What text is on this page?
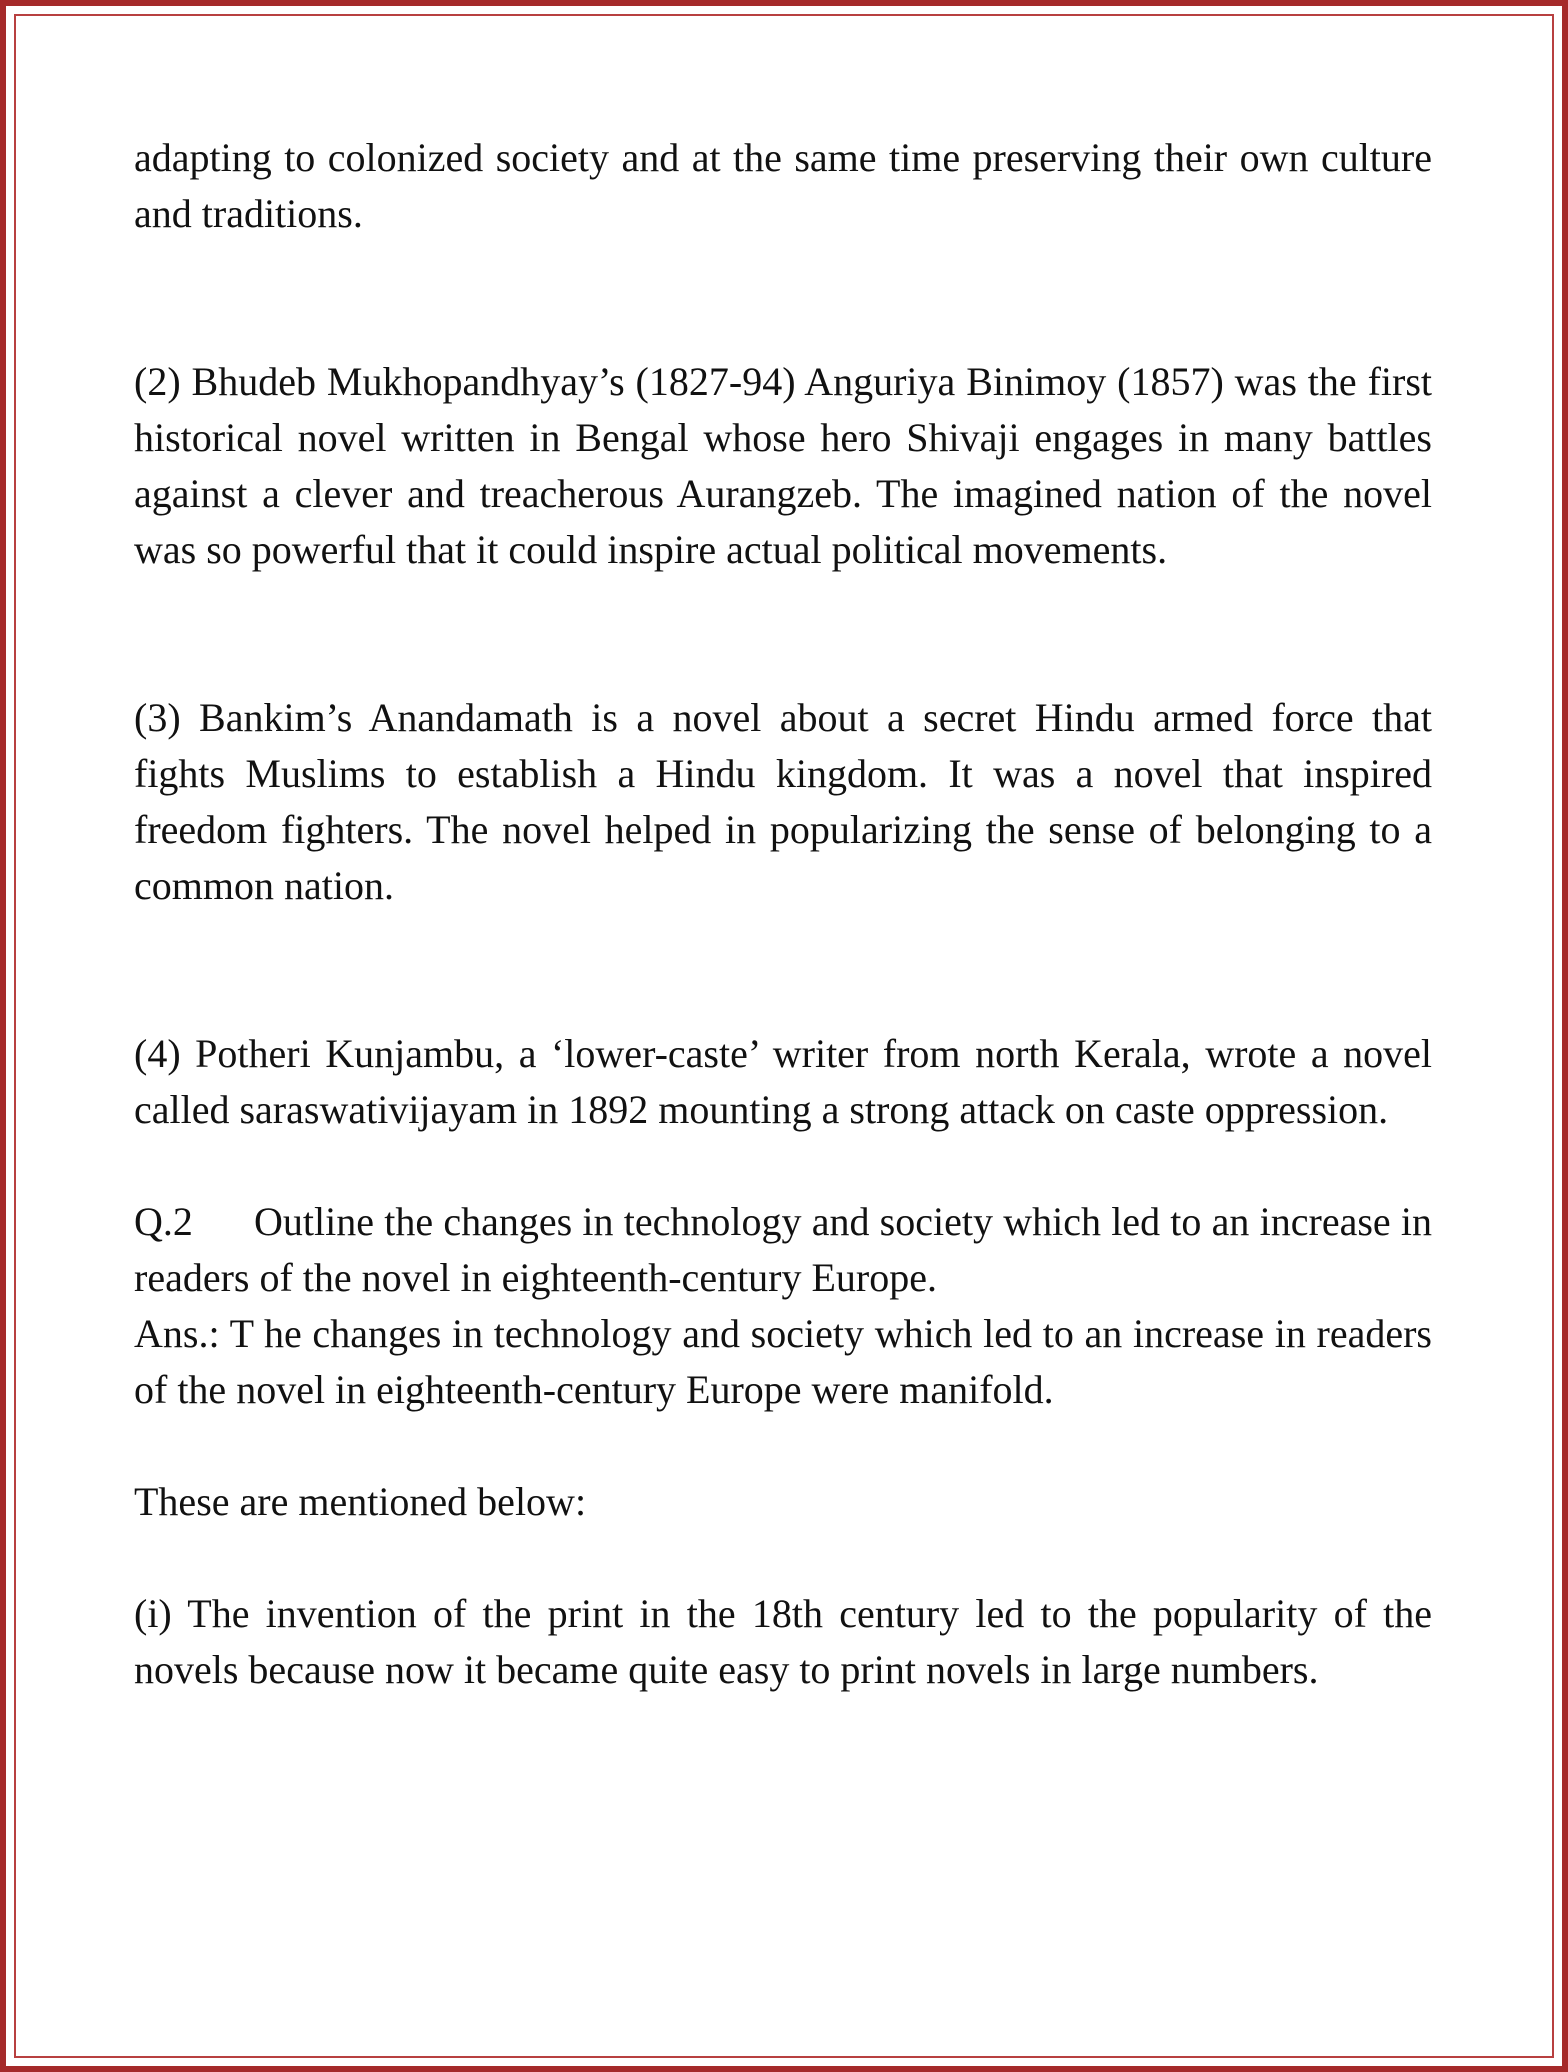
adapting to colonized society and at the same time preserving their own culture and traditions.

(2) Bhudeb Mukhopandhyay’s (1827-94) Anguriya Binimoy (1857) was the first historical novel written in Bengal whose hero Shivaji engages in many battles against a clever and treacherous Aurangzeb. The imagined nation of the novel was so powerful that it could inspire actual political movements.

(3) Bankim’s Anandamath is a novel about a secret Hindu armed force that fights Muslims to establish a Hindu kingdom. It was a novel that inspired freedom fighters. The novel helped in popularizing the sense of belonging to a common nation.

(4) Potheri Kunjambu, a ‘lower-caste’ writer from north Kerala, wrote a novel called saraswativijayam in 1892 mounting a strong attack on caste oppression.

Q.2 Outline the changes in technology and society which led to an increase in readers of the novel in eighteenth-century Europe.

Ans.: T he changes in technology and society which led to an increase in readers of the novel in eighteenth-century Europe were manifold.

These are mentioned below:

(i) The invention of the print in the 18th century led to the popularity of the novels because now it became quite easy to print novels in large numbers.
